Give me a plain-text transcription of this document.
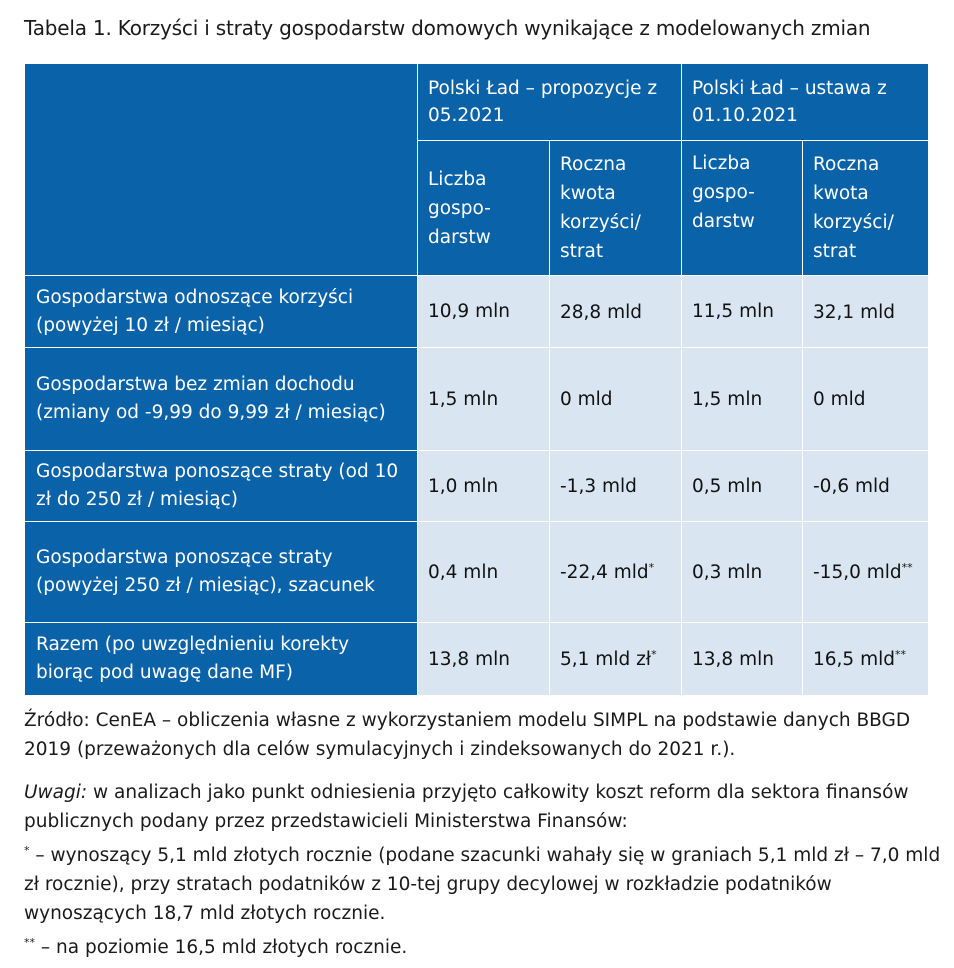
Tabela 1. Korzyści i straty gospodarstw domowych wynikające z modelowanych zmian
	Polski Ład – propozycje z 05.2021		Polski Ład – ustawa z 01.10.2021	
	Liczba gospo- darstw	Roczna kwota korzyści/ strat	Liczba gospo- darstw	Roczna kwota korzyści/ strat
Gospodarstwa odnoszące korzyści (powyżej 10 zł / miesiąc)	10,9 mln	28,8 mld	11,5 mln	32,1 mld
Gospodarstwa bez zmian dochodu (zmiany od -9,99 do 9,99 zł / miesiąc)	1,5 mln	0 mld	1,5 mln	0 mld
Gospodarstwa ponoszące straty (od 10 zł do 250 zł / miesiąc)	1,0 mln	-1,3 mld	0,5 mln	-0,6 mld
Gospodarstwa ponoszące straty (powyżej 250 zł / miesiąc), szacunek	0,4 mln	-22,4 mld*	0,3 mln	-15,0 mld**
Razem (po uwzględnieniu korekty biorąc pod uwagę dane MF)	13,8 mln	5,1 mld zł*	13,8 mln	16,5 mld**

Źródło: CenEA – obliczenia własne z wykorzystaniem modelu SIMPL na podstawie danych BBGD 2019 (przeważonych dla celów symulacyjnych i zindeksowanych do 2021 r.).

Uwagi: w analizach jako punkt odniesienia przyjęto całkowity koszt reform dla sektora finansów publicznych podany przez przedstawicieli Ministerstwa Finansów:

* – wynoszący 5,1 mld złotych rocznie (podane szacunki wahały się w graniach 5,1 mld zł – 7,0 mld zł rocznie), przy stratach podatników z 10-tej grupy decylowej w rozkładzie podatników wynoszących 18,7 mld złotych rocznie.

** – na poziomie 16,5 mld złotych rocznie.
